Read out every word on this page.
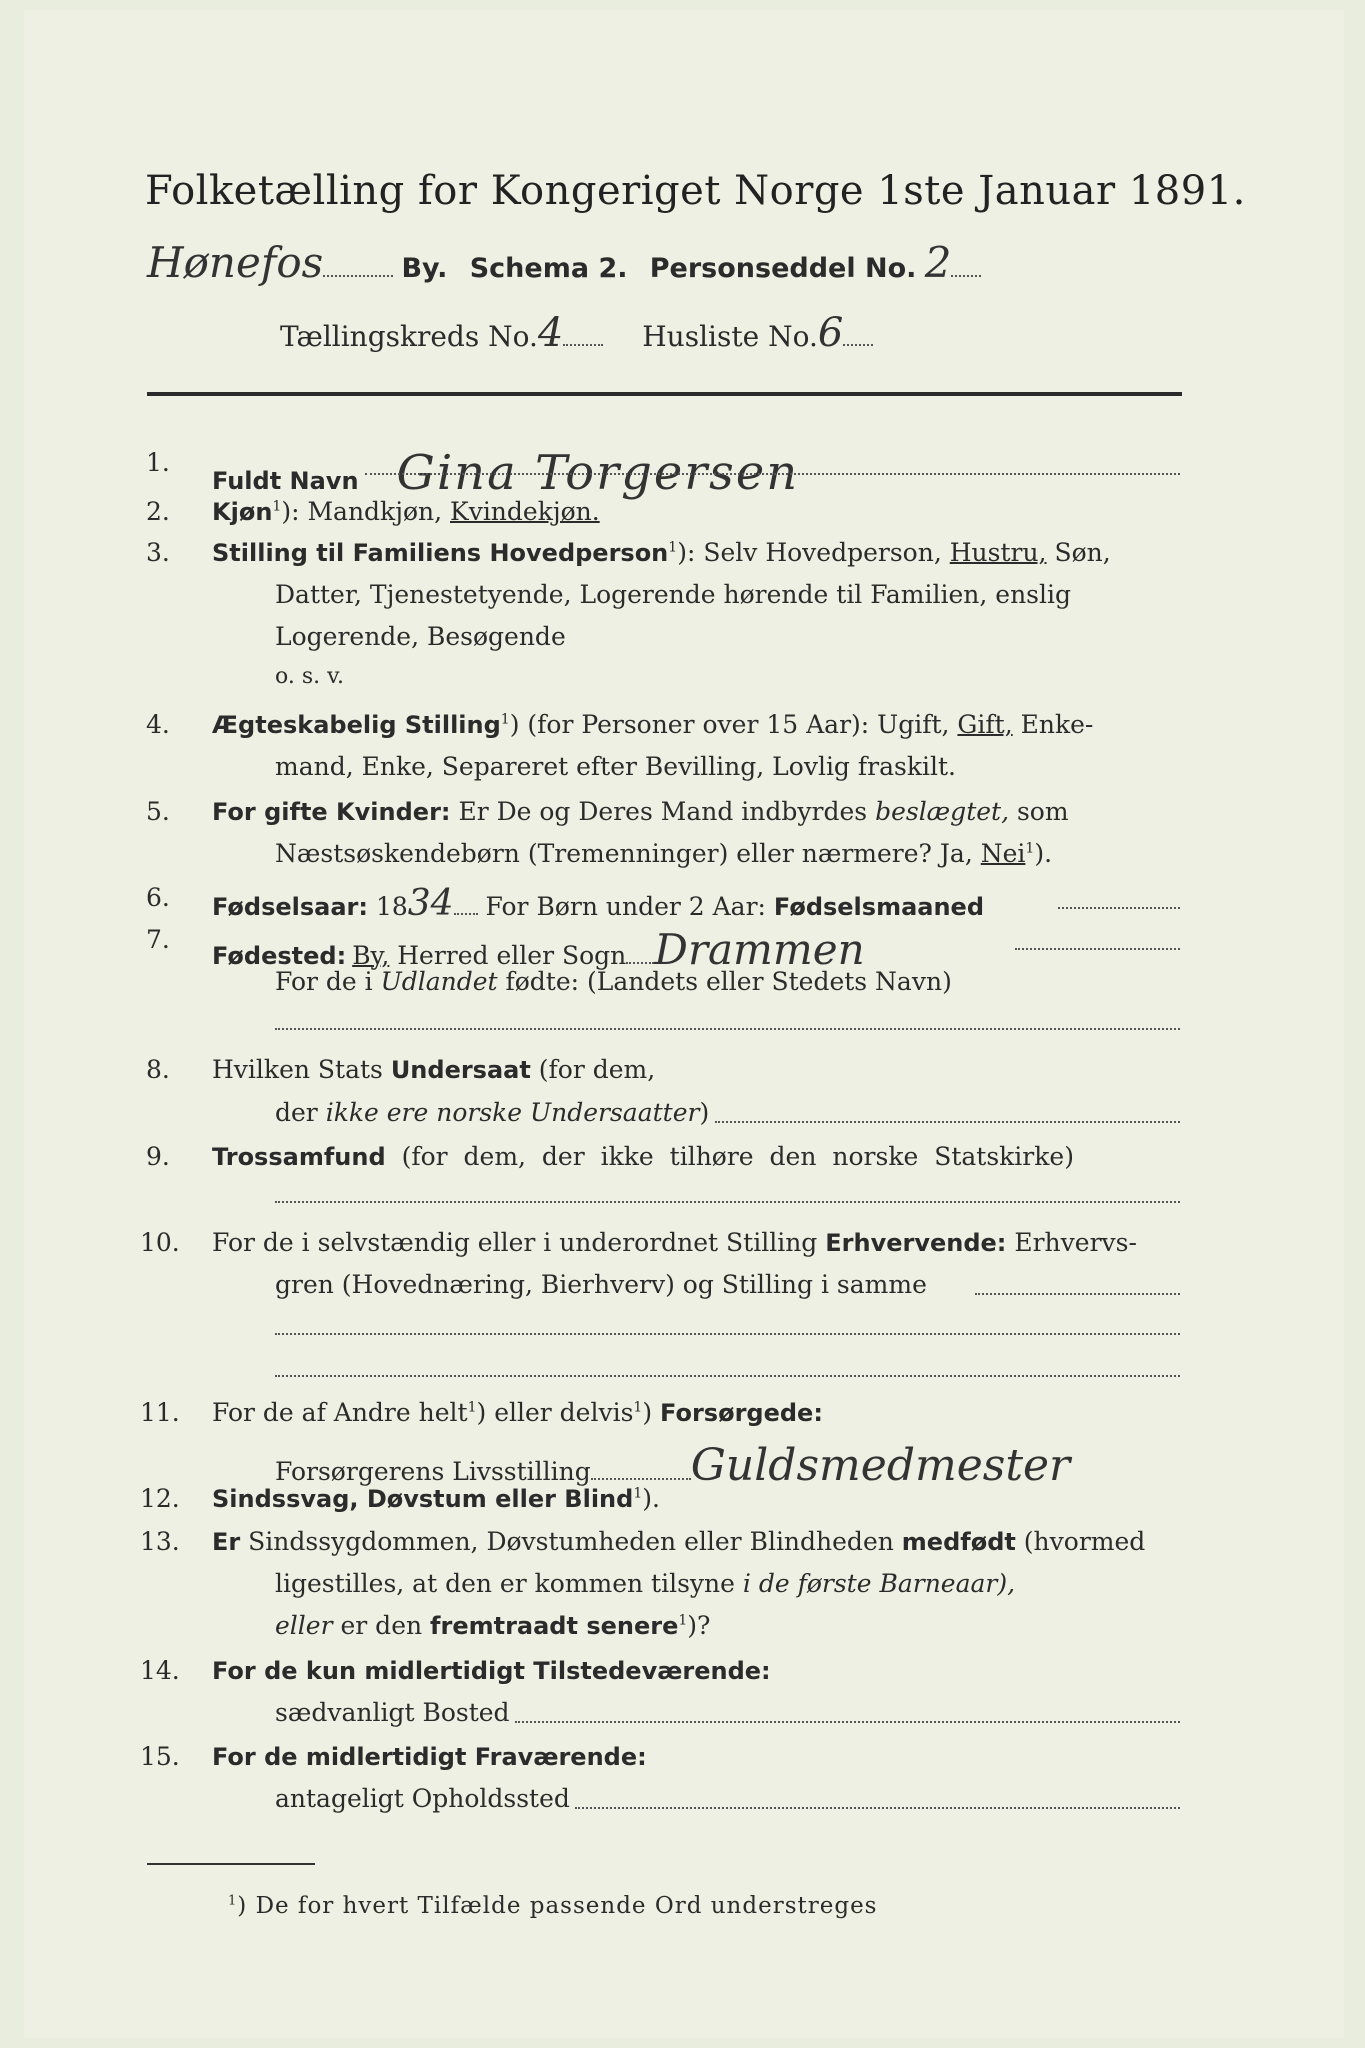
Folketælling for Kongeriget Norge 1ste Januar 1891.
Hønefos	By. Schema 2. Personseddel No. 2
Tællingskreds No.4	Husliste No.6
1.
Fuldt Navn Gina Torgersen
2. Kjøn$^1$): Mandkjøn, Kvindekjøn.
3. Stilling til Familiens Hovedperson$^1$): Selv Hovedperson, Hustru, Søn,
Datter, Tjenestetyende, Logerende hørende til Familien, enslig
Logerende, Besøgende
o. s. v.
4. Ægteskabelig Stilling$^1$) (for Personer over 15 Aar): Ugift, Gift, Enke-
mand, Enke, Separeret efter Bevilling, Lovlig fraskilt.
5. For gifte Kvinder: Er De og Deres Mand indbyrdes beslægtet, som
Næstsøskendebørn (Tremenninger) eller nærmere? Ja, Nei$^1$).
6. Fødselsaar: 1834 For Børn under 2 Aar: Fødselsmaaned
7.
Fødested: By, Herred eller Sogn Drammen
For de i Udlandet fødte: (Landets eller Stedets Navn)
8. Hvilken Stats Undersaat (for dem,
der ikke ere norske Undersaatter)
9. Trossamfund (for dem, der ikke tilhøre den norske Statskirke)
10. For de i selvstændig eller i underordnet Stilling Erhvervende: Erhvervs-
gren (Hovednæring, Bierhverv) og Stilling i samme
11. For de af Andre helt$^1$) eller delvis$^1$) Forsørgede:
Forsørgerens Livsstilling Guldsmedmester
12. Sindssvag, Døvstum eller Blind$^1$).
13. Er Sindssygdommen, Døvstumheden eller Blindheden medfødt (hvormed
ligestilles, at den er kommen tilsyne i de første Barneaar),
eller er den fremtraadt senere$^1$)?
14. For de kun midlertidigt Tilstedeværende:
sædvanligt Bosted
15. For de midlertidigt Fraværende:
antageligt Opholdssted
$^1$) De for hvert Tilfælde passende Ord understreges
